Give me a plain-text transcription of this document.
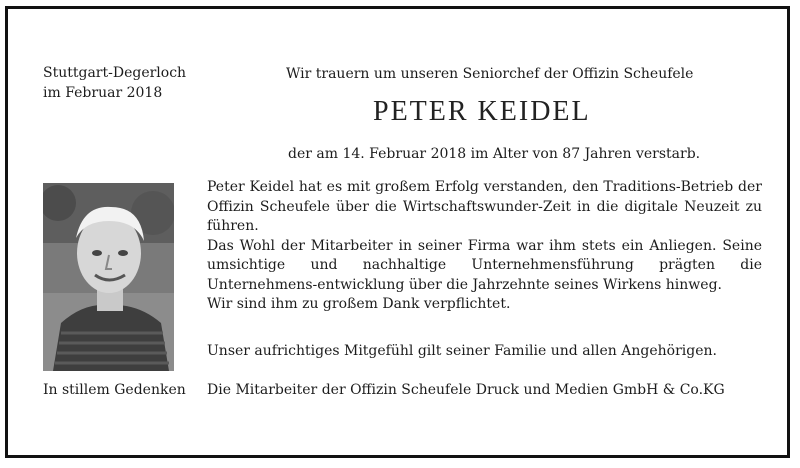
Stuttgart-Degerloch
im Februar 2018
Wir trauern um unseren Seniorchef der Offizin Scheufele
PETER KEIDEL
der am 14. Februar 2018 im Alter von 87 Jahren verstarb.
In stillem Gedenken

Peter Keidel hat es mit großem Erfolg verstanden, den Traditions-Betrieb der Offizin Scheufele über die Wirtschaftswunder-Zeit in die digitale Neuzeit zu führen.

Das Wohl der Mitarbeiter in seiner Firma war ihm stets ein Anliegen. Seine umsichtige und nachhaltige Unternehmensführung prägten die Unternehmens-entwicklung über die Jahrzehnte seines Wirkens hinweg.

Wir sind ihm zu großem Dank verpflichtet.

Unser aufrichtiges Mitgefühl gilt seiner Familie und allen Angehörigen.
Die Mitarbeiter der Offizin Scheufele Druck und Medien GmbH & Co.KG
